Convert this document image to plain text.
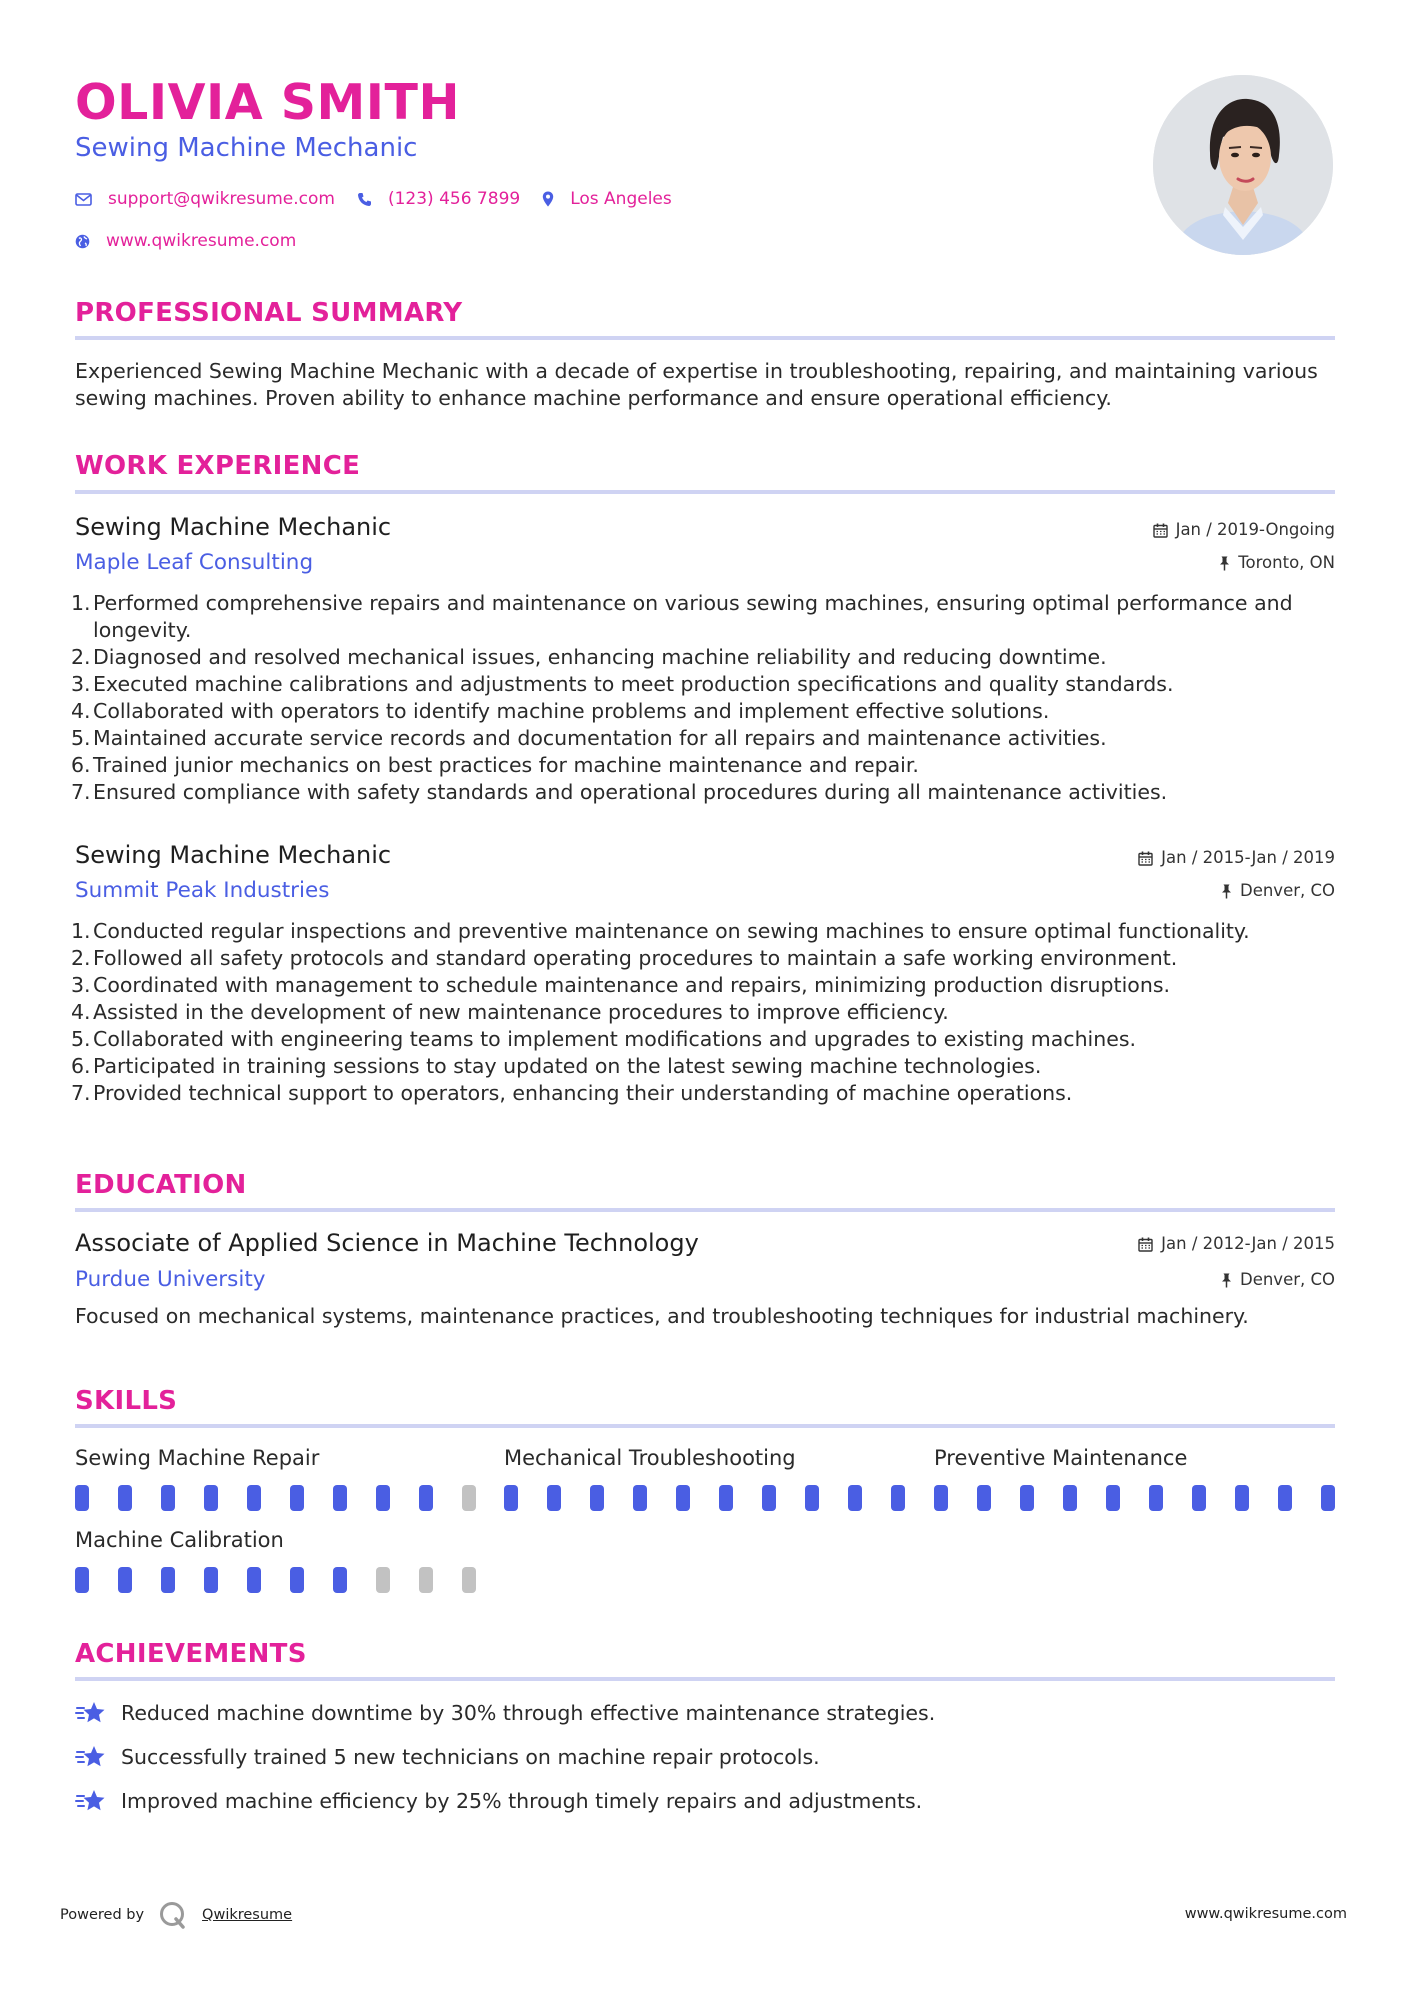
OLIVIA SMITH
Sewing Machine Mechanic
support@qwikresume.com	(123) 456 7899	Los Angeles
www.qwikresume.com
PROFESSIONAL SUMMARY
Experienced Sewing Machine Mechanic with a decade of expertise in troubleshooting, repairing, and maintaining various sewing machines. Proven ability to enhance machine performance and ensure operational efficiency.
WORK EXPERIENCE
Sewing Machine Mechanic
Maple Leaf Consulting
Jan / 2019-Ongoing
Toronto, ON
1. Performed comprehensive repairs and maintenance on various sewing machines, ensuring optimal performance and longevity.
2. Diagnosed and resolved mechanical issues, enhancing machine reliability and reducing downtime.
3. Executed machine calibrations and adjustments to meet production specifications and quality standards.
4. Collaborated with operators to identify machine problems and implement effective solutions.
5. Maintained accurate service records and documentation for all repairs and maintenance activities.
6. Trained junior mechanics on best practices for machine maintenance and repair.
7. Ensured compliance with safety standards and operational procedures during all maintenance activities.
Sewing Machine Mechanic
Summit Peak Industries
Jan / 2015-Jan / 2019
Denver, CO
1. Conducted regular inspections and preventive maintenance on sewing machines to ensure optimal functionality.
2. Followed all safety protocols and standard operating procedures to maintain a safe working environment.
3. Coordinated with management to schedule maintenance and repairs, minimizing production disruptions.
4. Assisted in the development of new maintenance procedures to improve efficiency.
5. Collaborated with engineering teams to implement modifications and upgrades to existing machines.
6. Participated in training sessions to stay updated on the latest sewing machine technologies.
7. Provided technical support to operators, enhancing their understanding of machine operations.
EDUCATION
Associate of Applied Science in Machine Technology
Purdue University
Jan / 2012-Jan / 2015
Denver, CO
Focused on mechanical systems, maintenance practices, and troubleshooting techniques for industrial machinery.
SKILLS
Sewing Machine Repair	Mechanical Troubleshooting	Preventive Maintenance
Machine Calibration
ACHIEVEMENTS
Reduced machine downtime by 30% through effective maintenance strategies.
Successfully trained 5 new technicians on machine repair protocols.
Improved machine efficiency by 25% through timely repairs and adjustments.
Powered by	Qwikresume	www.qwikresume.com
